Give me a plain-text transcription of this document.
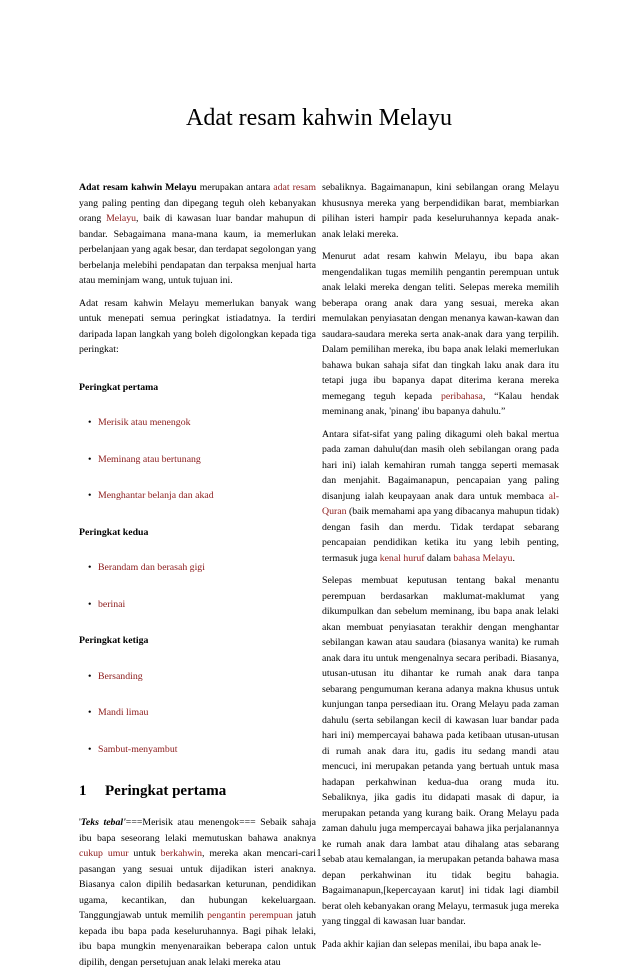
Adat resam kahwin Melayu

Adat resam kahwin Melayu merupakan antara adat resam yang paling penting dan dipegang teguh oleh kebanyakan orang Melayu, baik di kawasan luar bandar mahupun di bandar. Sebagaimana mana-mana kaum, ia memerlukan perbelanjaan yang agak besar, dan terdapat segolongan yang berbelanja melebihi pendapatan dan terpaksa menjual harta atau meminjam wang, untuk tujuan ini.

Adat resam kahwin Melayu memerlukan banyak wang untuk menepati semua peringkat istiadatnya. Ia terdiri daripada lapan langkah yang boleh digolongkan kepada tiga peringkat:

Peringkat pertama
• Merisik atau menengok
• Meminang atau bertunang
• Menghantar belanja dan akad
Peringkat kedua
• Berandam dan berasah gigi
• berinai
Peringkat ketiga
• Bersanding
• Mandi limau
• Sambut-menyambut
1 Peringkat pertama

'Teks tebal'===Merisik atau menengok=== Sebaik sahaja ibu bapa seseorang lelaki memutuskan bahawa anaknya cukup umur untuk berkahwin, mereka akan mencari-cari pasangan yang sesuai untuk dijadikan isteri anaknya. Biasanya calon dipilih bedasarkan keturunan, pendidikan ugama, kecantikan, dan hubungan kekeluargaan. Tanggungjawab untuk memilih pengantin perempuan jatuh kepada ibu bapa pada keseluruhannya. Bagi pihak lelaki, ibu bapa mungkin menyenaraikan beberapa calon untuk dipilih, dengan persetujuan anak lelaki mereka atau

sebaliknya. Bagaimanapun, kini sebilangan orang Melayu khususnya mereka yang berpendidikan barat, membiarkan pilihan isteri hampir pada keseluruhannya kepada anak-anak lelaki mereka.

Menurut adat resam kahwin Melayu, ibu bapa akan mengendalikan tugas memilih pengantin perempuan untuk anak lelaki mereka dengan teliti. Selepas mereka memilih beberapa orang anak dara yang sesuai, mereka akan memulakan penyiasatan dengan menanya kawan-kawan dan saudara-saudara mereka serta anak-anak dara yang terpilih. Dalam pemilihan mereka, ibu bapa anak lelaki memerlukan bahawa bukan sahaja sifat dan tingkah laku anak dara itu tetapi juga ibu bapanya dapat diterima kerana mereka memegang teguh kepada peribahasa, “Kalau hendak meminang anak, 'pinang' ibu bapanya dahulu.”

Antara sifat-sifat yang paling dikagumi oleh bakal mertua pada zaman dahulu(dan masih oleh sebilangan orang pada hari ini) ialah kemahiran rumah tangga seperti memasak dan menjahit. Bagaimanapun, pencapaian yang paling disanjung ialah keupayaan anak dara untuk membaca al-Quran (baik memahami apa yang dibacanya mahupun tidak) dengan fasih dan merdu. Tidak terdapat sebarang pencapaian pendidikan ketika itu yang lebih penting, termasuk juga kenal huruf dalam bahasa Melayu.

Selepas membuat keputusan tentang bakal menantu perempuan berdasarkan maklumat-maklumat yang dikumpulkan dan sebelum meminang, ibu bapa anak lelaki akan membuat penyiasatan terakhir dengan menghantar sebilangan kawan atau saudara (biasanya wanita) ke rumah anak dara itu untuk mengenalnya secara peribadi. Biasanya, utusan-utusan itu dihantar ke rumah anak dara tanpa sebarang pengumuman kerana adanya makna khusus untuk kunjungan tanpa persediaan itu. Orang Melayu pada zaman dahulu (serta sebilangan kecil di kawasan luar bandar pada hari ini) mempercayai bahawa pada ketibaan utusan-utusan di rumah anak dara itu, gadis itu sedang mandi atau mencuci, ini merupakan petanda yang bertuah untuk masa hadapan perkahwinan kedua-dua orang muda itu. Sebaliknya, jika gadis itu didapati masak di dapur, ia merupakan petanda yang kurang baik. Orang Melayu pada zaman dahulu juga mempercayai bahawa jika perjalanannya ke rumah anak dara lambat atau dihalang atas sebarang sebab atau kemalangan, ia merupakan petanda bahawa masa depan perkahwinan itu tidak begitu bahagia. Bagaimanapun,[kepercayaan karut] ini tidak lagi diambil berat oleh kebanyakan orang Melayu, termasuk juga mereka yang tinggal di kawasan luar bandar.

Pada akhir kajian dan selepas menilai, ibu bapa anak le-

1
